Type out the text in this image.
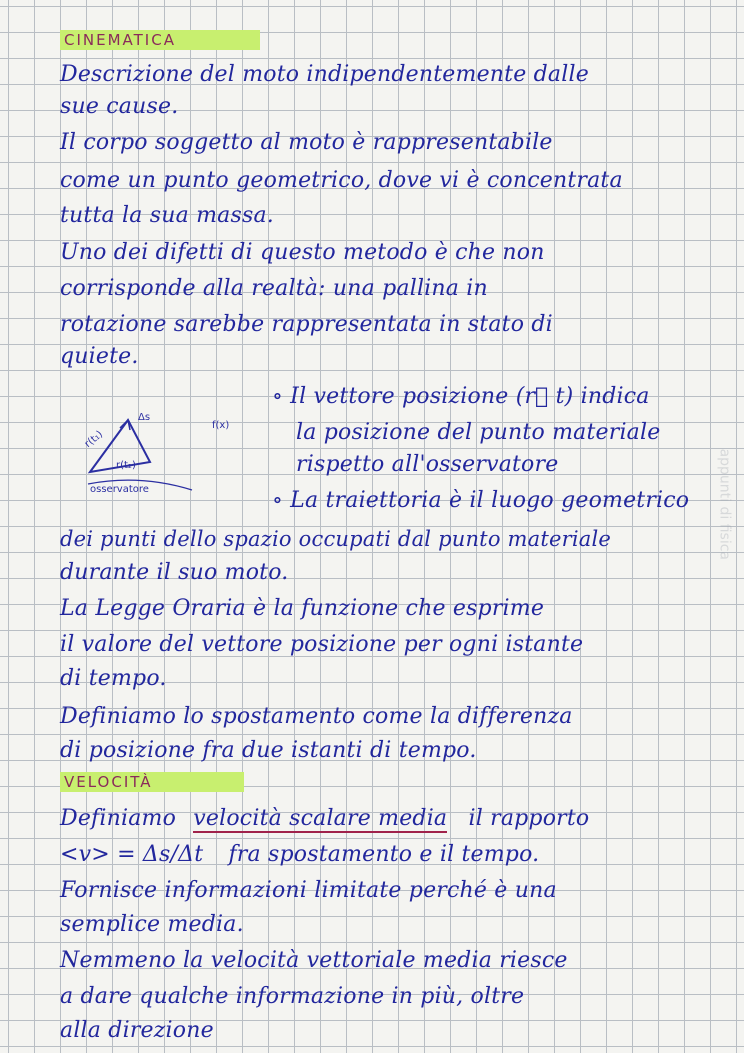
CINEMATICA
Descrizione del moto indipendentemente dalle
sue cause.
Il corpo soggetto al moto è rappresentabile
come un punto geometrico, dove vi è concentrata
tutta la sua massa.
Uno dei difetti di questo metodo è che non
corrisponde alla realtà: una pallina in
rotazione sarebbe rappresentata in stato di
quiete.
r(t₁)
r(t₂)
Δs
f(x)
osservatore
∘ Il vettore posizione (r⃗ t) indica
la posizione del punto materiale
rispetto all'osservatore
∘ La traiettoria è il luogo geometrico
dei punti dello spazio occupati dal punto materiale
durante il suo moto.
La Legge Oraria è la funzione che esprime
il valore del vettore posizione per ogni istante
di tempo.
Definiamo lo spostamento come la differenza
di posizione fra due istanti di tempo.
VELOCITÀ
Definiamo velocità scalare media il rapporto
<v> = Δs/Δt fra spostamento e il tempo.
Fornisce informazioni limitate perché è una
semplice media.
Nemmeno la velocità vettoriale media riesce
a dare qualche informazione in più, oltre
alla direzione
appunti di fisica
